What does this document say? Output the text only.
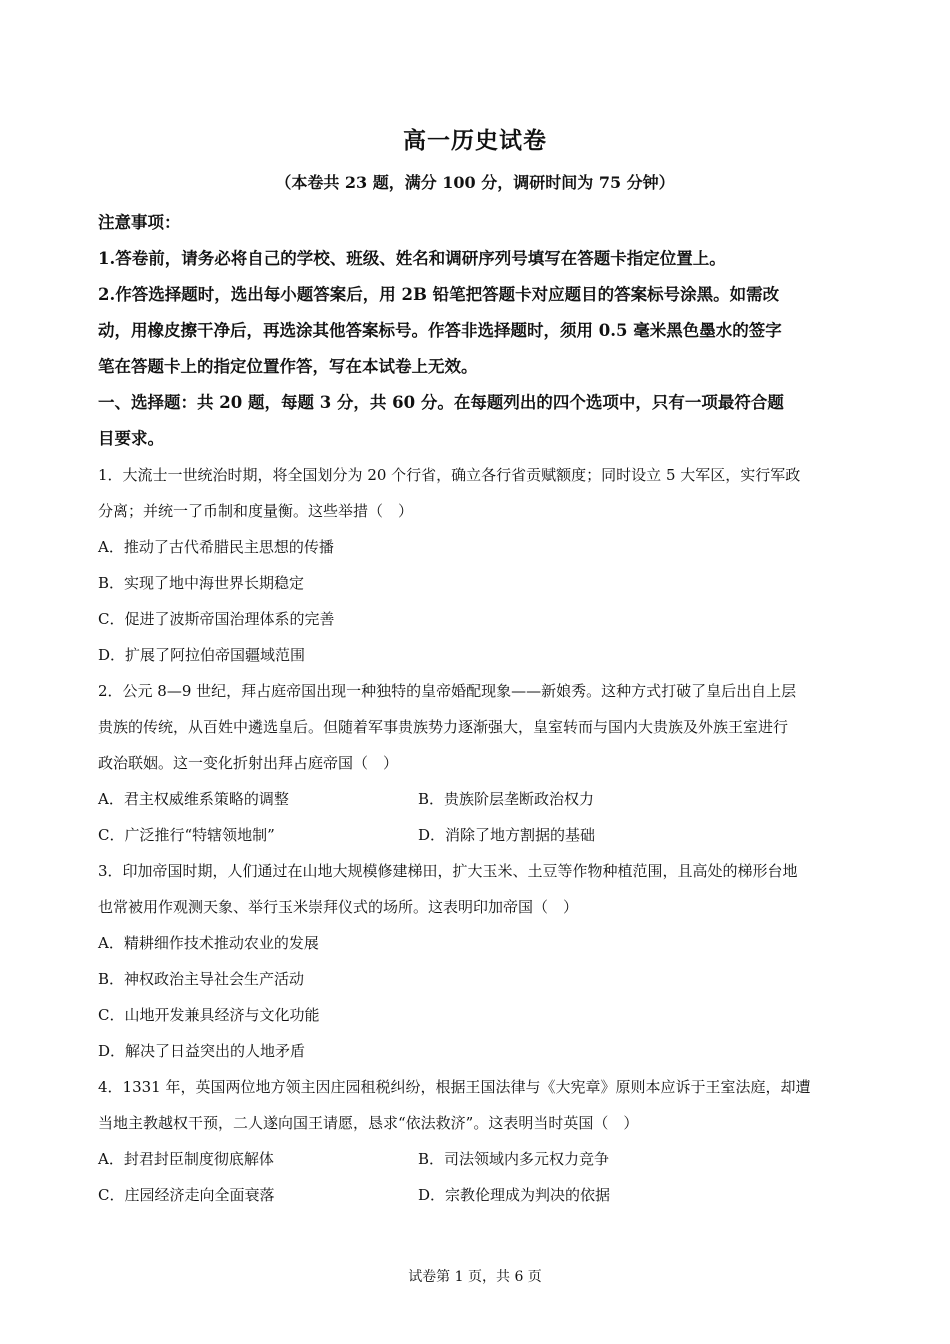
高一历史试卷
（本卷共 23 题，满分 100 分，调研时间为 75 分钟）
注意事项：
1.答卷前，请务必将自己的学校、班级、姓名和调研序列号填写在答题卡指定位置上。
2.作答选择题时，选出每小题答案后，用 2B 铅笔把答题卡对应题目的答案标号涂黑。如需改
动，用橡皮擦干净后，再选涂其他答案标号。作答非选择题时，须用 0.5 毫米黑色墨水的签字
笔在答题卡上的指定位置作答，写在本试卷上无效。
一、选择题：共 20 题，每题 3 分，共 60 分。在每题列出的四个选项中，只有一项最符合题
目要求。
1．大流士一世统治时期，将全国划分为 20 个行省，确立各行省贡赋额度；同时设立 5 大军区，实行军政
分离；并统一了币制和度量衡。这些举措（　）
A．推动了古代希腊民主思想的传播
B．实现了地中海世界长期稳定
C．促进了波斯帝国治理体系的完善
D．扩展了阿拉伯帝国疆域范围
2．公元 8—9 世纪，拜占庭帝国出现一种独特的皇帝婚配现象——新娘秀。这种方式打破了皇后出自上层
贵族的传统，从百姓中遴选皇后。但随着军事贵族势力逐渐强大，皇室转而与国内大贵族及外族王室进行
政治联姻。这一变化折射出拜占庭帝国（　）
A．君主权威维系策略的调整	B．贵族阶层垄断政治权力
C．广泛推行“特辖领地制”	D．消除了地方割据的基础
3．印加帝国时期，人们通过在山地大规模修建梯田，扩大玉米、土豆等作物种植范围，且高处的梯形台地
也常被用作观测天象、举行玉米崇拜仪式的场所。这表明印加帝国（　）
A．精耕细作技术推动农业的发展
B．神权政治主导社会生产活动
C．山地开发兼具经济与文化功能
D．解决了日益突出的人地矛盾
4．1331 年，英国两位地方领主因庄园租税纠纷，根据王国法律与《大宪章》原则本应诉于王室法庭，却遭
当地主教越权干预，二人遂向国王请愿，恳求“依法救济”。这表明当时英国（　）
A．封君封臣制度彻底解体	B．司法领域内多元权力竞争
C．庄园经济走向全面衰落	D．宗教伦理成为判决的依据
试卷第 1 页，共 6 页
